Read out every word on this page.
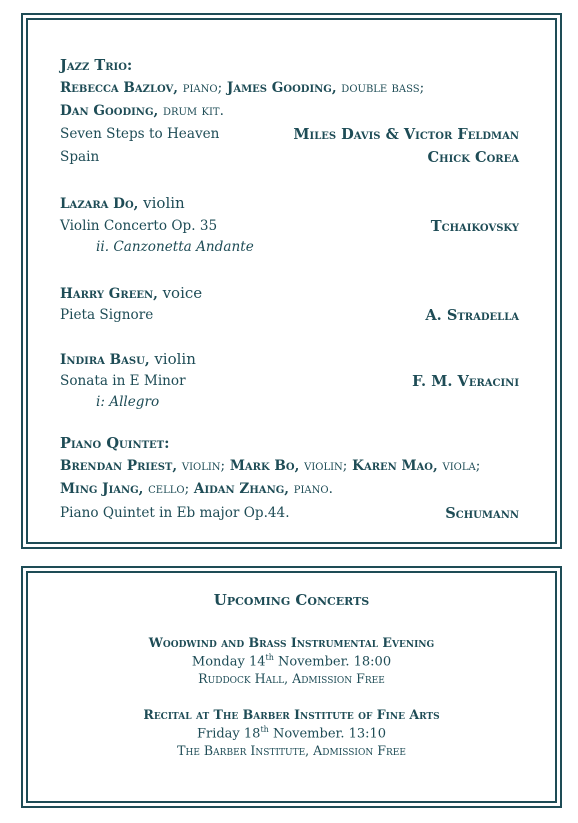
Jazz Trio:
Rebecca Bazlov, piano; James Gooding, double bass;
Dan Gooding, drum kit.
Seven Steps to Heaven	Miles Davis & Victor Feldman
Spain	Chick Corea
Lazara Do, violin
Violin Concerto Op. 35	Tchaikovsky
ii. Canzonetta Andante
Harry Green, voice
Pieta Signore	A. Stradella
Indira Basu, violin
Sonata in E Minor	F. M. Veracini
i: Allegro
Piano Quintet:
Brendan Priest, violin; Mark Bo, violin; Karen Mao, viola;
Ming Jiang, cello; Aidan Zhang, piano.
Piano Quintet in Eb major Op.44.	Schumann
Upcoming Concerts
Woodwind and Brass Instrumental Evening
Monday 14th November. 18:00
Ruddock Hall, Admission Free
Recital at The Barber Institute of Fine Arts
Friday 18th November. 13:10
The Barber Institute, Admission Free
